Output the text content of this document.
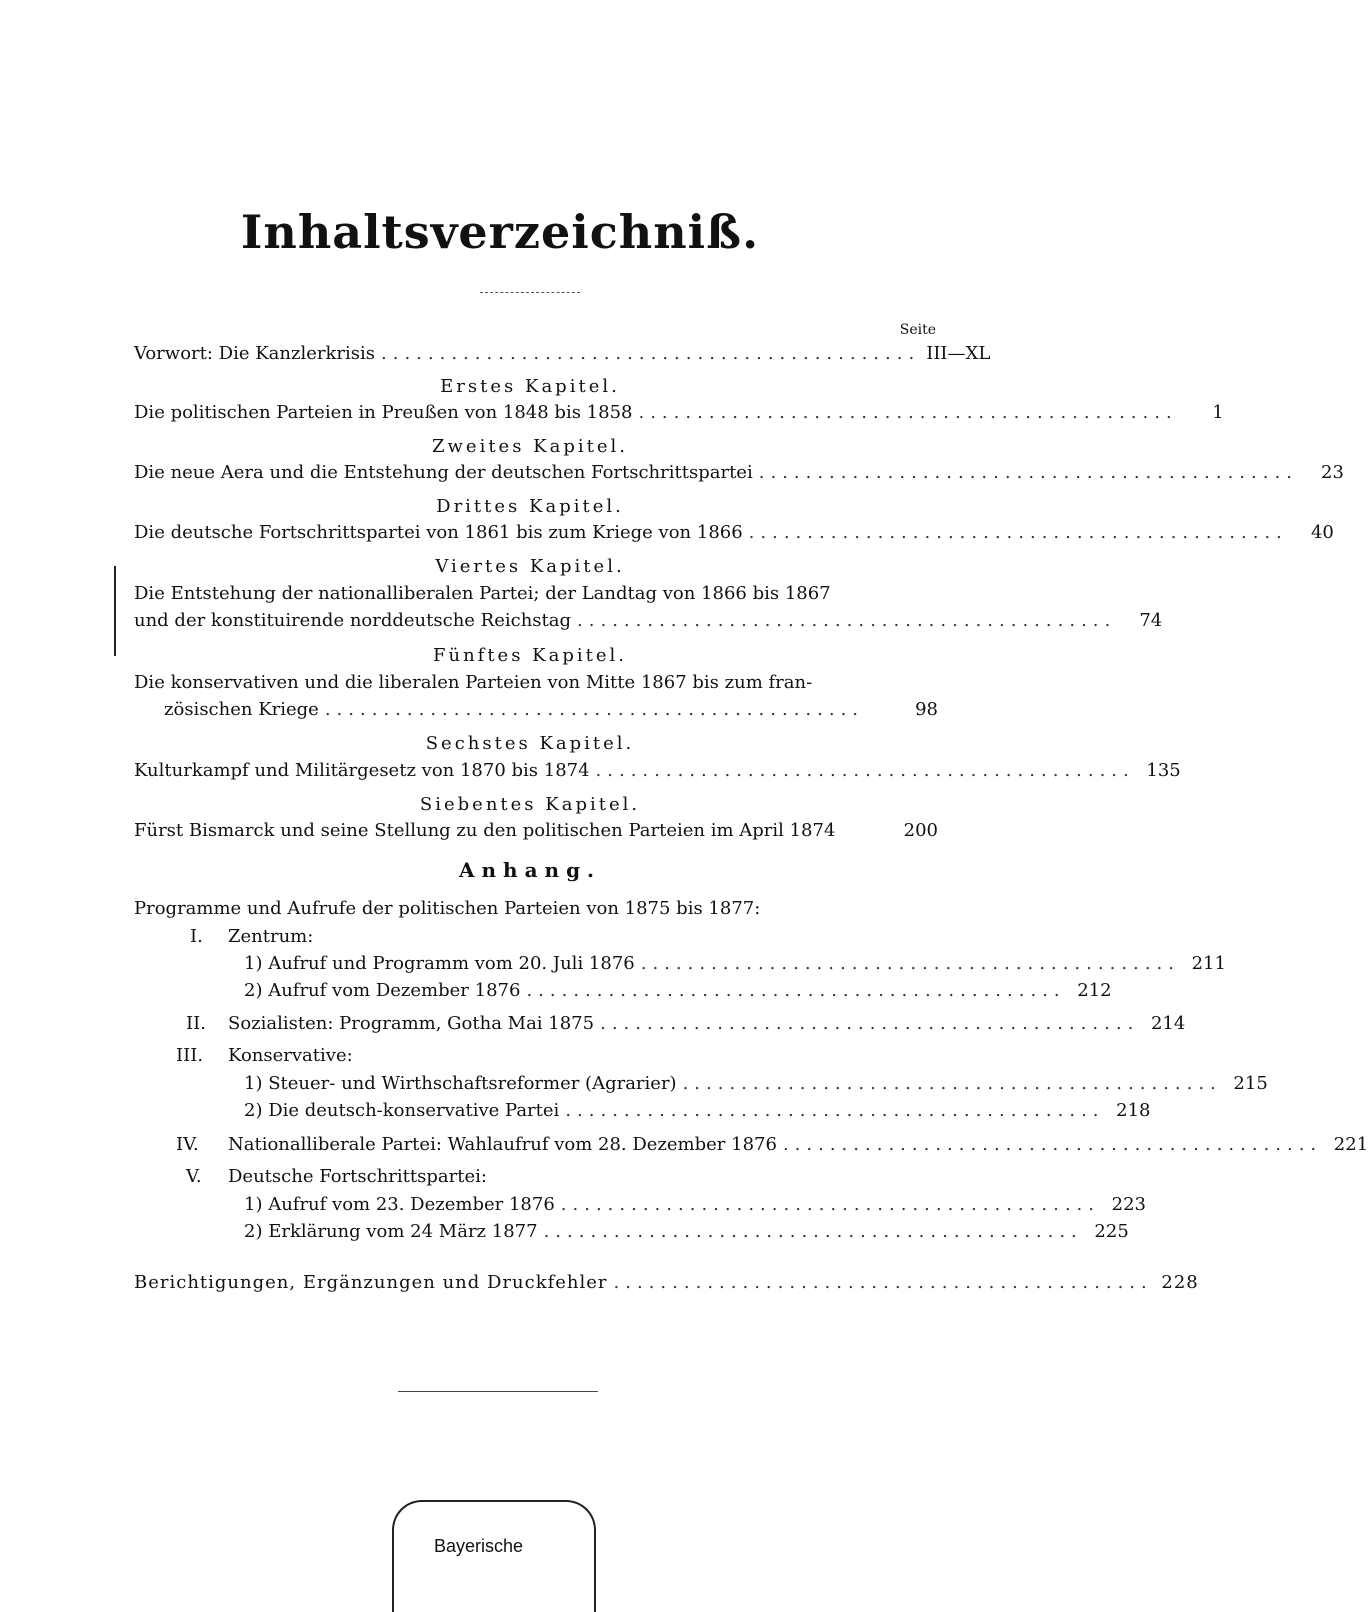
Inhaltsverzeichniß.
Seite
Vorwort: Die Kanzlerkrisis .............................................. III—XL
Erstes Kapitel.
Die politischen Parteien in Preußen von 1848 bis 1858 ..............................................	1
Zweites Kapitel.
Die neue Aera und die Entstehung der deutschen Fortschrittspartei ..............................................	23
Drittes Kapitel.
Die deutsche Fortschrittspartei von 1861 bis zum Kriege von 1866 ..............................................	40
Viertes Kapitel.
Die Entstehung der nationalliberalen Partei; der Landtag von 1866 bis 1867
und der konstituirende norddeutsche Reichstag ..............................................	74
Fünftes Kapitel.
Die konservativen und die liberalen Parteien von Mitte 1867 bis zum fran-
zösischen Kriege ..............................................	98
Sechstes Kapitel.
Kulturkampf und Militärgesetz von 1870 bis 1874 .............................................. 135
Siebentes Kapitel.
Fürst Bismarck und seine Stellung zu den politischen Parteien im April 1874	200
Anhang.
Programme und Aufrufe der politischen Parteien von 1875 bis 1877:
I. Zentrum:
1) Aufruf und Programm vom 20. Juli 1876 .............................................. 211
2) Aufruf vom Dezember 1876 .............................................. 212
II. Sozialisten: Programm, Gotha Mai 1875 .............................................. 214
III. Konservative:
1) Steuer- und Wirthschaftsreformer (Agrarier) .............................................. 215
2) Die deutsch-konservative Partei .............................................. 218
IV. Nationalliberale Partei: Wahlaufruf vom 28. Dezember 1876 .............................................. 221
V. Deutsche Fortschrittspartei:
1) Aufruf vom 23. Dezember 1876 .............................................. 223
2) Erklärung vom 24 März 1877 .............................................. 225
Berichtigungen, Ergänzungen und Druckfehler .............................................. 228
Bayerische
